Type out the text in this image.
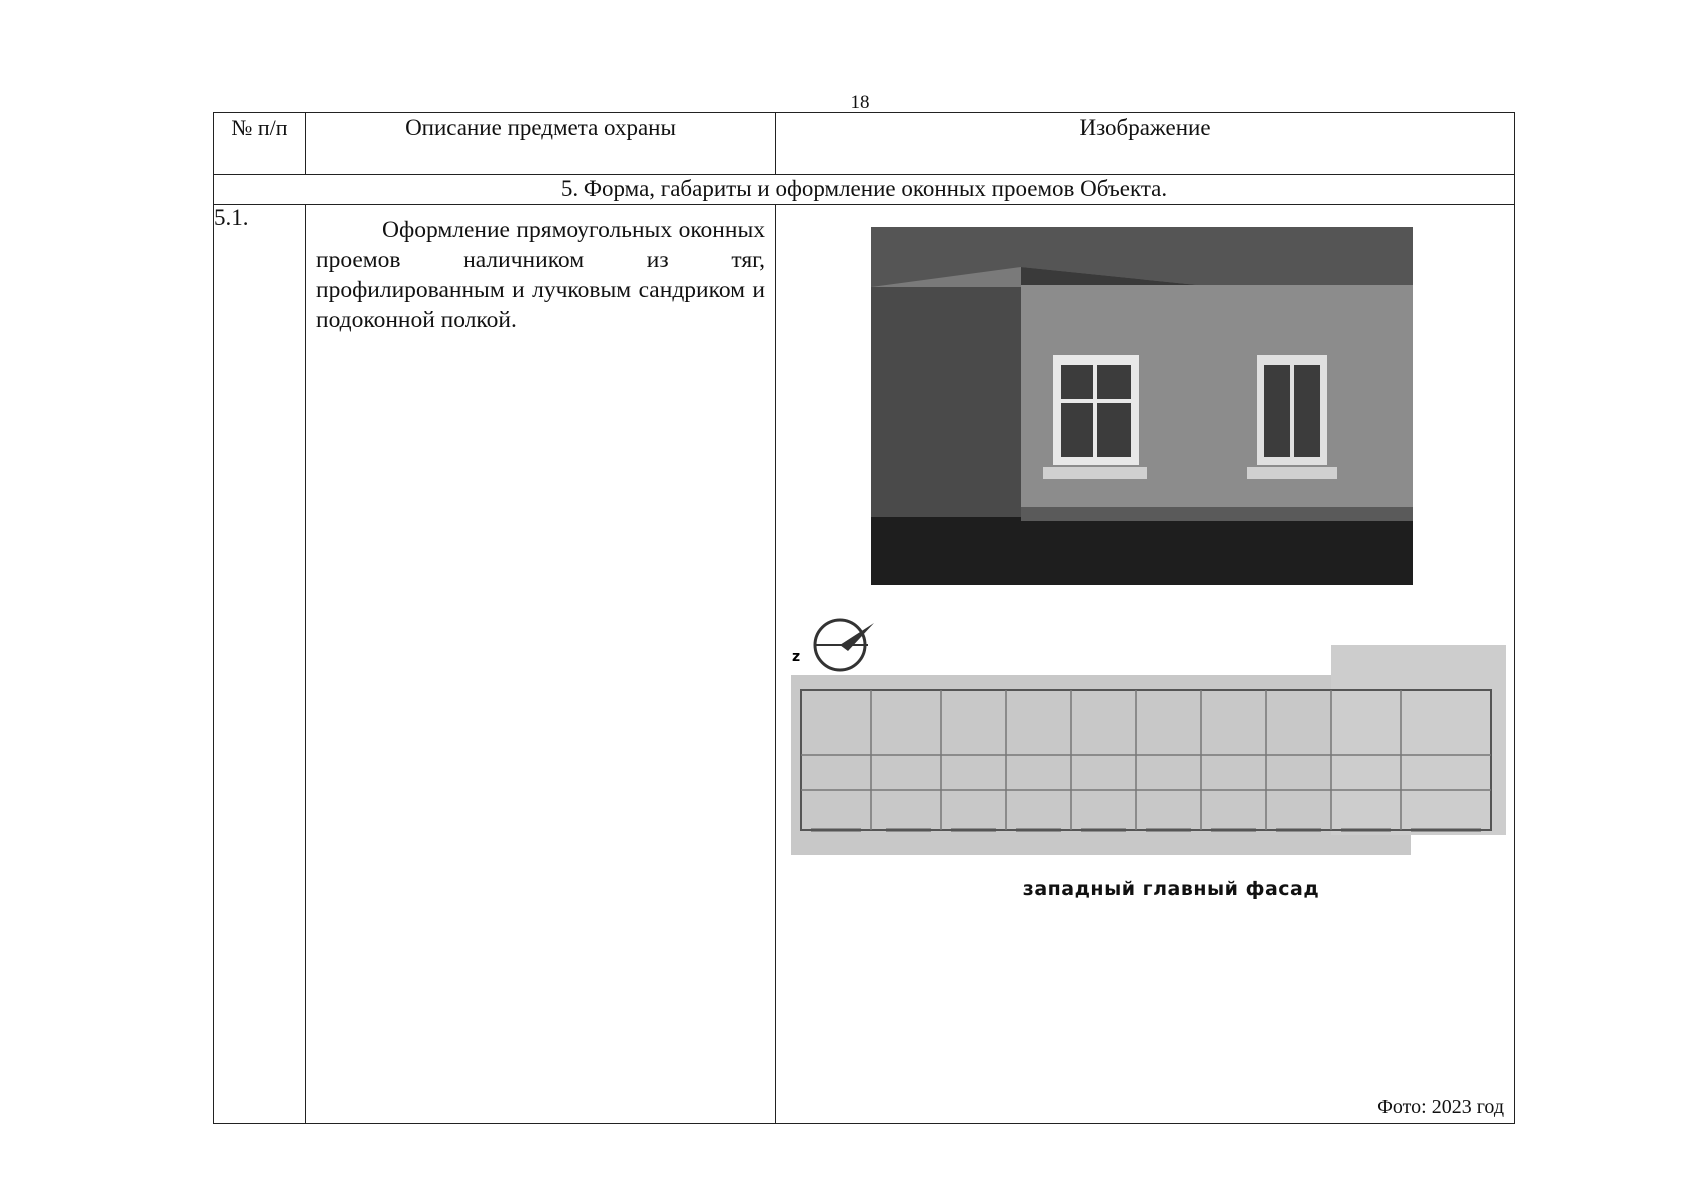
18
№ п/п	Описание предмета охраны	Изображение
5. Форма, габариты и оформление оконных проемов Объекта.		
5.1.	Оформление прямоугольных оконных проемов наличником из тяг, профилированным и лучковым сандриком и подоконной полкой.	z
западный главный фасад
Фото: 2023 год
